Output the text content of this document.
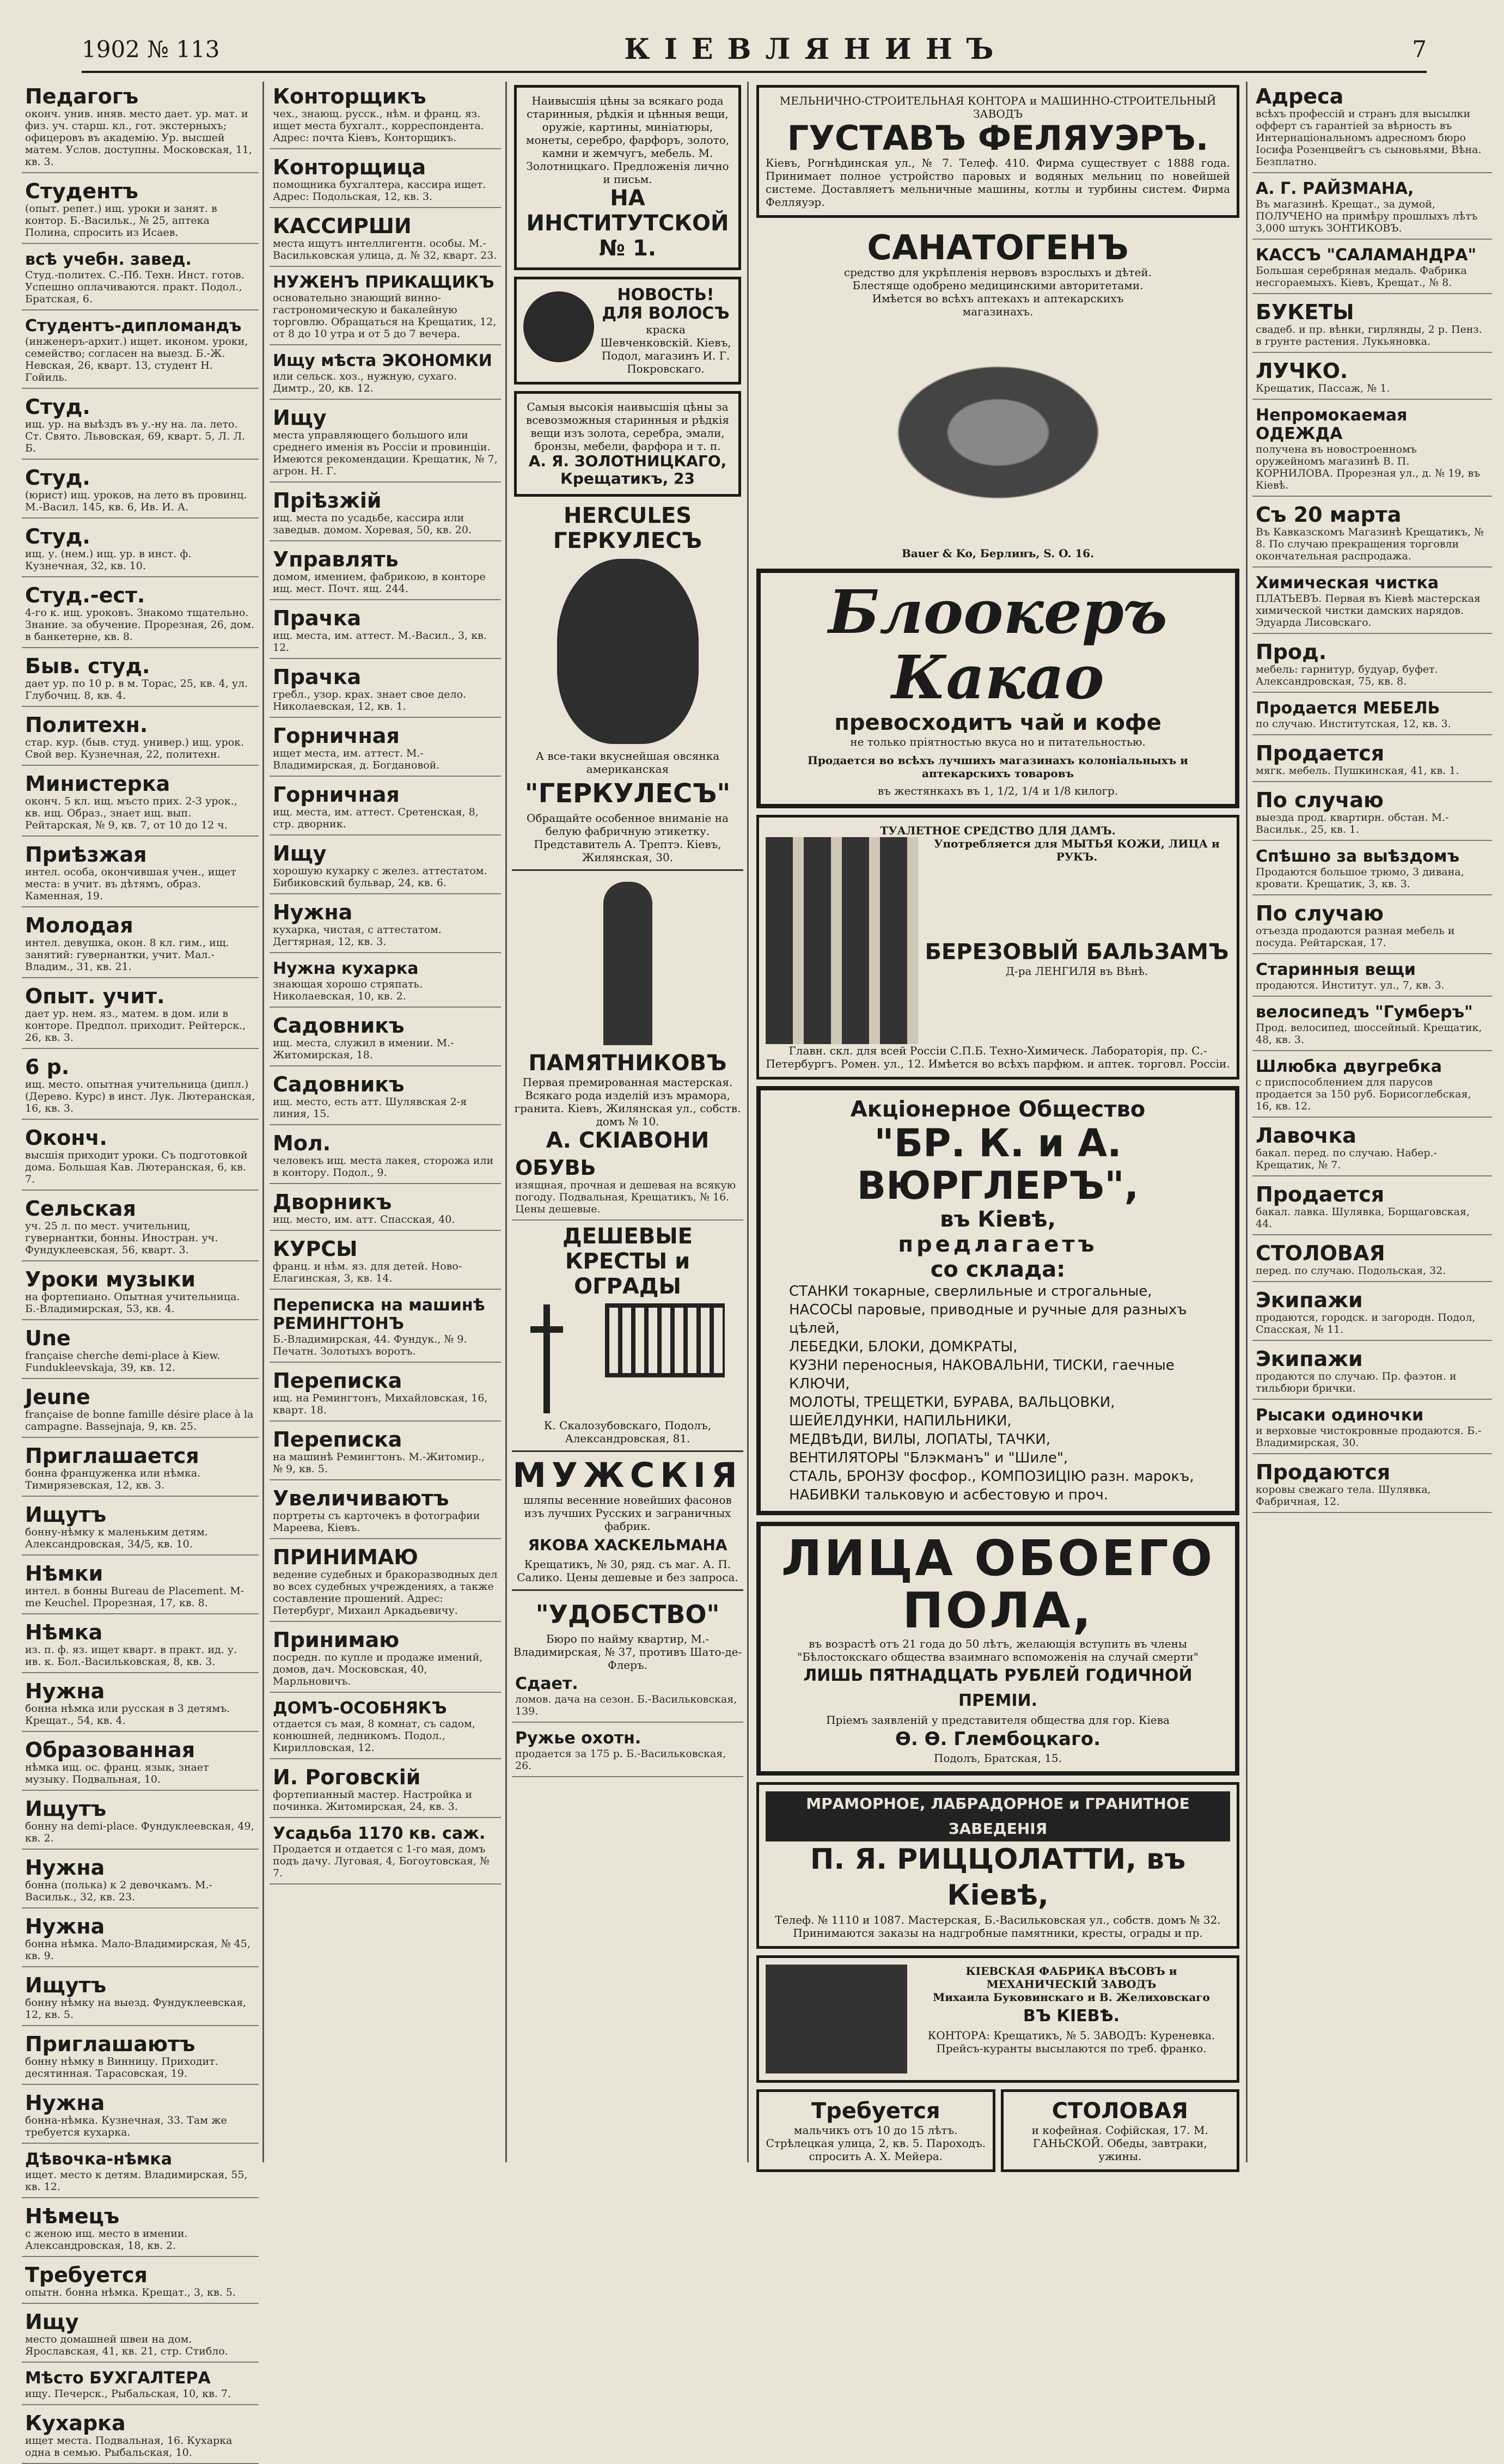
1902 № 113	КІЕВЛЯНИНЪ	7
Педагогъ
оконч. унив. иняв. место дает. ур. мат. и физ. уч. старш. кл., гот. экстерныхъ; офицеровъ въ академію. Ур. высшей матем. Услов. доступны. Московская, 11, кв. 3.
Студентъ
(опыт. репет.) ищ. уроки и занят. в контор. Б.-Васильк., № 25, аптека Полина, спросить из Исаев.
всѣ учебн. завед.
Студ.-политех. С.-Пб. Техн. Инст. готов. Успешно оплачиваются. практ. Подол., Братская, 6.
Студентъ-дипломандъ
(инженеръ-архит.) ищет. иконом. уроки, семейство; согласен на выезд. Б.-Ж. Невская, 26, кварт. 13, студент Н. Гойиль.
Студ.
ищ. ур. на выѣздъ въ у.-ну на. ла. лето. Ст. Свято. Львовская, 69, кварт. 5, Л. Л. Б.
Студ.
(юрист) ищ. уроков, на лето въ провинц. М.-Васил. 145, кв. 6, Ив. И. А.
Студ.
ищ. у. (нем.) ищ. ур. в инст. ф. Кузнечная, 32, кв. 10.
Студ.-ест.
4-го к. ищ. уроковъ. Знакомо тщательно. Знание. за обучение. Прорезная, 26, дом. в банкетерне, кв. 8.
Быв. студ.
дает ур. по 10 р. в м. Торас, 25, кв. 4, ул. Глубочиц. 8, кв. 4.
Политехн.
стар. кур. (быв. студ. универ.) ищ. урок. Свой вер. Кузнечная, 22, политехн.
Министерка
оконч. 5 кл. ищ. мъсто прих. 2-3 урок., кв. ищ. Образ., знает ищ. вып. Рейтарская, № 9, кв. 7, от 10 до 12 ч.
Приѣзжая
интел. особа, окончившая учен., ищет места: в учит. въ дѣтямъ, образ. Каменная, 19.
Молодая
интел. девушка, окон. 8 кл. гим., ищ. занятий: гувернантки, учит. Мал.-Владим., 31, кв. 21.
Опыт. учит.
дает ур. нем. яз., матем. в дом. или в конторе. Предпол. приходит. Рейтерск., 26, кв. 3.
6 р.
ищ. место. опытная учительница (дипл.) (Дерево. Курс) в инст. Лук. Лютеранская, 16, кв. 3.
Оконч.
высшія приходит уроки. Съ подготовкой дома. Большая Кав. Лютеранская, 6, кв. 7.
Сельская
уч. 25 л. по мест. учительниц, гувернантки, бонны. Иностран. уч. Фундуклеевская, 56, кварт. 3.
Уроки музыки
на фортепиано. Опытная учительница. Б.-Владимирская, 53, кв. 4.
Une
française cherche demi-place à Kiew. Fundukleevskaja, 39, кв. 12.
Jeune
française de bonne famille désire place à la campagne. Bassejnaja, 9, кв. 25.
Приглашается
бонна француженка или нѣмка. Тимирязевская, 12, кв. 3.
Ищутъ
бонну-нѣмку к маленьким детям. Александровская, 34/5, кв. 10.
Нѣмки
интел. в бонны Bureau de Placement. M-me Keuchel. Прорезная, 17, кв. 8.
Нѣмка
из. п. ф. яз. ищет кварт. в практ. ид. у. ив. к. Бол.-Васильковская, 8, кв. 3.
Нужна
бонна нѣмка или русская в 3 детямъ. Крещат., 54, кв. 4.
Образованная
нѣмка ищ. ос. франц. язык, знает музыку. Подвальная, 10.
Ищутъ
бонну на demi-place. Фундуклеевская, 49, кв. 2.
Нужна
бонна (полька) к 2 девочкамъ. М.-Васильк., 32, кв. 23.
Нужна
бонна нѣмка. Мало-Владимирская, № 45, кв. 9.
Ищутъ
бонну нѣмку на выезд. Фундуклеевская, 12, кв. 5.
Приглашаютъ
бонну нѣмку в Винницу. Приходит. десятинная. Тарасовская, 19.
Нужна
бонна-нѣмка. Кузнечная, 33. Там же требуется кухарка.
Дѣвочка-нѣмка
ищет. место к детям. Владимирская, 55, кв. 12.
Нѣмецъ
с женою ищ. место в имении. Александровская, 18, кв. 2.
Требуется
опытн. бонна нѣмка. Крещат., 3, кв. 5.
Ищу
место домашней швеи на дом. Ярославская, 41, кв. 21, стр. Стибло.
Мѣсто БУХГАЛТЕРА
ищу. Печерск., Рыбальская, 10, кв. 7.
Кухарка
ищет места. Подвальная, 16. Кухарка одна в семью. Рыбальская, 10.
Конторщикъ
чех., знающ. русск., нѣм. и франц. яз. ищет места бухгалт., корреспондента. Адрес: почта Кiевъ, Конторщикъ.
Конторщица
помощника бухгалтера, кассира ищет. Адрес: Подольская, 12, кв. 3.
КАССИРШИ
места ищутъ интеллигентн. особы. М.-Васильковская улица, д. № 32, кварт. 23.
НУЖЕНЪ ПРИКАЩИКЪ
основательно знающий винно-гастрономическую и бакалейную торговлю. Обращаться на Крещатик, 12, от 8 до 10 утра и от 5 до 7 вечера.
Ищу мѣста ЭКОНОМКИ
или сельск. хоз., нужную, сухаго. Димтр., 20, кв. 12.
Ищу
места управляющего большого или среднего именiя въ Россiи и провинціи. Имеются рекомендации. Крещатик, № 7, агрон. Н. Г.
Пріѣзжій
ищ. места по усадьбе, кассира или заведыв. домом. Хоревая, 50, кв. 20.
Управлять
домом, имением, фабрикою, в конторе ищ. мест. Почт. ящ. 244.
Прачка
ищ. места, им. аттест. М.-Васил., 3, кв. 12.
Прачка
гребл., узор. крах. знает свое дело. Николаевская, 12, кв. 1.
Горничная
ищет места, им. аттест. М.-Владимирская, д. Богдановой.
Горничная
ищ. места, им. аттест. Сретенская, 8, стр. дворник.
Ищу
хорошую кухарку с желез. аттестатом. Бибиковский бульвар, 24, кв. 6.
Нужна
кухарка, чистая, с аттестатом. Дегтярная, 12, кв. 3.
Нужна кухарка
знающая хорошо стряпать. Николаевская, 10, кв. 2.
Садовникъ
ищ. места, служил в имении. М.-Житомирская, 18.
Садовникъ
ищ. место, есть атт. Шулявская 2-я линия, 15.
Мол.
человекъ ищ. места лакея, сторожа или в контору. Подол., 9.
Дворникъ
ищ. место, им. атт. Спасская, 40.
КУРСЫ
франц. и нѣм. яз. для детей. Ново-Елагинская, 3, кв. 14.
Переписка на машинѣ РЕМИНГТОНЪ
Б.-Владимирская, 44. Фундук., № 9. Печатн. Золотыхъ воротъ.
Переписка
ищ. на Ремингтонъ, Михайловская, 16, кварт. 18.
Переписка
на машинѣ Ремингтонъ. М.-Житомир., № 9, кв. 5.
Увеличиваютъ
портреты съ карточекъ в фотографии Мареева, Кiевъ.
ПРИНИМАЮ
ведение судебных и бракоразводных дел во всех судебных учреждениях, а также составление прошений. Адрес: Петербург, Михаил Аркадьевичу.
Принимаю
посредн. по купле и продаже имений, домов, дач. Московская, 40, Марльновичъ.
ДОМЪ-ОСОБНЯКЪ
отдается съ мая, 8 комнат, съ садом, конюшней, ледникомъ. Подол., Кирилловская, 12.
И. Роговскій
фортепианный мастер. Настройка и починка. Житомирская, 24, кв. 3.
Усадьба 1170 кв. саж.
Продается и отдается с 1-го мая, домъ подъ дачу. Луговая, 4, Богоутовская, № 7.
Наивысшія цѣны за всякаго рода старинныя, рѣдкія и цѣнныя вещи, оружіе, картины, миніатюры, монеты, серебро, фарфоръ, золото, камни и жемчугъ, мебель. М. Золотницкаго. Предложенія лично и письм.
НА ИНСТИТУТСКОЙ № 1.
НОВОСТЬ! ДЛЯ ВОЛОСЪ
краска Шевченковскій. Кiевъ, Подол, магазинъ И. Г. Покровскаго.
Самыя высокія наивысшія цѣны за всевозможныя старинныя и рѣдкія вещи изъ золота, серебра, эмали, бронзы, мебели, фарфора и т. п.
А. Я. ЗОЛОТНИЦКАГО, Крещатикъ, 23
HERCULES ГЕРКУЛЕСЪ
А все-таки вкуснейшая овсянка американская
"ГЕРКУЛЕСЪ"
Обращайте особенное вниманіе на белую фабричную этикетку. Представитель А. Трептэ. Кiевъ, Жилянская, 30.
ПАМЯТНИКОВЪ
Первая премированная мастерская. Всякаго рода изделій изъ мрамора, гранита. Кiевъ, Жилянская ул., собств. домъ № 10.
А. СКІАВОНИ
ОБУВЬ
изящная, прочная и дешевая на всякую погоду. Подвальная, Крещатикъ, № 16. Цены дешевые.
ДЕШЕВЫЕ КРЕСТЫ и ОГРАДЫ
К. Скалозубовскаго, Подолъ, Александровская, 81.
МУЖСКІЯ
шляпы весенние новейших фасонов изъ лучших Русских и заграничных фабрик.
ЯКОВА ХАСКЕЛЬМАНА
Крещатикъ, № 30, ряд. съ маг. А. П. Салико. Цены дешевые и без запроса.
"УДОБСТВО"
Бюро по найму квартир, М.-Владимирская, № 37, противъ Шато-де-Флеръ.
Сдает.
ломов. дача на сезон. Б.-Васильковская, 139.
Ружье охотн.
продается за 175 р. Б.-Васильковская, 26.
МЕЛЬНИЧНО-СТРОИТЕЛЬНАЯ КОНТОРА и МАШИННО-СТРОИТЕЛЬНЫЙ ЗАВОДЪ
ГУСТАВЪ ФЕЛЯУЭРЪ.
Кiевъ, Рогнѣдинская ул., № 7. Телеф. 410. Фирма существует с 1888 года. Принимает полное устройство паровых и водяных мельниц по новейшей системе. Доставляетъ мельничные машины, котлы и турбины систем. Фирма Фелляуэр.
САНАТОГЕНЪ
средство для укрѣпленія нервовъ взрослыхъ и дѣтей. Блестяще одобрено медицинскими авторитетами. Имѣется во всѣхъ аптекахъ и аптекарскихъ магазинахъ.
Bauer & Ko, Берлинъ, S. O. 16.
Блоокеръ Какао
превосходитъ чай и кофе
не только пріятностью вкуса но и питательностью.
Продается во всѣхъ лучшихъ магазинахъ колоніальныхъ и аптекарскихъ товаровъ
въ жестянкахъ въ 1, 1/2, 1/4 и 1/8 килогр.
ТУАЛЕТНОЕ СРЕДСТВО ДЛЯ ДАМЪ.
Употребляется для МЫТЬЯ КОЖИ, ЛИЦА и РУКЪ.
БЕРЕЗОВЫЙ БАЛЬЗАМЪ
Д-ра ЛЕНГИЛЯ въ Вѣнѣ.
Главн. скл. для всей Россiи С.П.Б. Техно-Химическ. Лабораторія, пр. С.-Петербургъ. Ромен. ул., 12. Имѣется во всѣхъ парфюм. и аптек. торговл. Россіи.
Акціонерное Общество
"БР. К. и А. ВЮРГЛЕРЪ",
въ Кіевѣ,
предлагаетъ
со склада:
СТАНКИ токарные, сверлильные и строгальные,
НАСОСЫ паровые, приводные и ручные для разныхъ цѣлей,
ЛЕБЕДКИ, БЛОКИ, ДОМКРАТЫ,
КУЗНИ переносныя, НАКОВАЛЬНИ, ТИСКИ, гаечные КЛЮЧИ,
МОЛОТЫ, ТРЕЩЕТКИ, БУРАВА, ВАЛЬЦОВКИ,
ШЕЙЕЛДУНКИ, НАПИЛЬНИКИ,
МЕДВѢДИ, ВИЛЫ, ЛОПАТЫ, ТАЧКИ,
ВЕНТИЛЯТОРЫ "Блэкманъ" и "Шиле",
СТАЛЬ, БРОНЗУ фосфор., КОМПОЗИЦІЮ разн. марокъ,
НАБИВКИ тальковую и асбестовую и проч.
ЛИЦА ОБОЕГО ПОЛА,
въ возрастѣ отъ 21 года до 50 лѣтъ, желающія вступить въ члены "Бѣлостокскаго общества взаимнаго вспоможенія на случай смерти"
ЛИШЬ ПЯТНАДЦАТЬ РУБЛЕЙ ГОДИЧНОЙ ПРЕМІИ.
Пріемъ заявленій у представителя общества для гор. Кіева
Ѳ. Ѳ. Глембоцкаго.
Подолъ, Братская, 15.
МРАМОРНОЕ, ЛАБРАДОРНОЕ и ГРАНИТНОЕ ЗАВЕДЕНІЯ
П. Я. РИЦЦОЛАТТИ, въ Кіевѣ,
Телеф. № 1110 и 1087. Мастерская, Б.-Васильковская ул., собств. домъ № 32. Принимаются заказы на надгробные памятники, кресты, ограды и пр.
КІЕВСКАЯ ФАБРИКА ВѢСОВЪ и МЕХАНИЧЕСКІЙ ЗАВОДЪ
Михаила Буковинскаго и В. Желиховскаго
ВЪ КІЕВѢ.
КОНТОРА: Крещатикъ, № 5. ЗАВОДЪ: Куреневка. Прейсъ-куранты высылаются по треб. франко.
Требуется
мальчикъ отъ 10 до 15 лѣтъ. Стрѣлецкая улица, 2, кв. 5. Пароходъ. спросить А. Х. Мейера.
СТОЛОВАЯ
и кофейная. Софійская, 17. М. ГАНЬСКОЙ. Обеды, завтраки, ужины.
Адреса
всѣхъ профессій и странъ для высылки офферт съ гарантіей за вѣрность въ Интернаціональномъ адресномъ бюро Іосифа Розенцвейгъ съ сыновьями, Вѣна. Безплатно.
А. Г. РАЙЗМАНА,
Въ магазинѣ. Крещат., за думой, ПОЛУЧЕНО на примѣру прошлыхъ лѣтъ 3,000 штукъ ЗОНТИКОВЪ.
КАССЪ "САЛАМАНДРА"
Большая серебряная медаль. Фабрика несгораемыхъ. Кiевъ, Крещат., № 8.
БУКЕТЫ
свадеб. и пр. вѣнки, гирлянды, 2 р. Пенз. в грунте растения. Лукьяновка.
ЛУЧКО.
Крещатик, Пассаж, № 1.
Непромокаемая ОДЕЖДА
получена въ новостроенномъ оружейномъ магазинѣ В. П. КОРНИЛОВА. Прорезная ул., д. № 19, въ Кiевѣ.
Съ 20 марта
Въ Кавказскомъ Магазинѣ Крещатикъ, № 8. По случаю прекращения торговли окончательная распродажа.
Химическая чистка
ПЛАТЬЕВЪ. Первая въ Кiевѣ мастерская химической чистки дамских нарядов. Эдуарда Лисовскаго.
Прод.
мебель: гарнитур, будуар, буфет. Александровская, 75, кв. 8.
Продается МЕБЕЛЬ
по случаю. Институтская, 12, кв. 3.
Продается
мягк. мебель. Пушкинская, 41, кв. 1.
По случаю
выезда прод. квартирн. обстан. М.-Васильк., 25, кв. 1.
Спѣшно за выѣздомъ
Продаются большое трюмо, 3 дивана, кровати. Крещатик, 3, кв. 3.
По случаю
отъезда продаются разная мебель и посуда. Рейтарская, 17.
Старинныя вещи
продаются. Институт. ул., 7, кв. 3.
велосипедъ "Гумберъ"
Прод. велосипед, шоссейный. Крещатик, 48, кв. 3.
Шлюбка двугребка
с приспособлением для парусов продается за 150 руб. Борисоглебская, 16, кв. 12.
Лавочка
бакал. перед. по случаю. Набер.-Крещатик, № 7.
Продается
бакал. лавка. Шулявка, Борщаговская, 44.
СТОЛОВАЯ
перед. по случаю. Подольская, 32.
Экипажи
продаются, городск. и загородн. Подол, Спасская, № 11.
Экипажи
продаются по случаю. Пр. фаэтон. и тильбюри брички.
Рысаки одиночки
и верховые чистокровные продаются. Б.-Владимирская, 30.
Продаются
коровы свежаго тела. Шулявка, Фабричная, 12.
